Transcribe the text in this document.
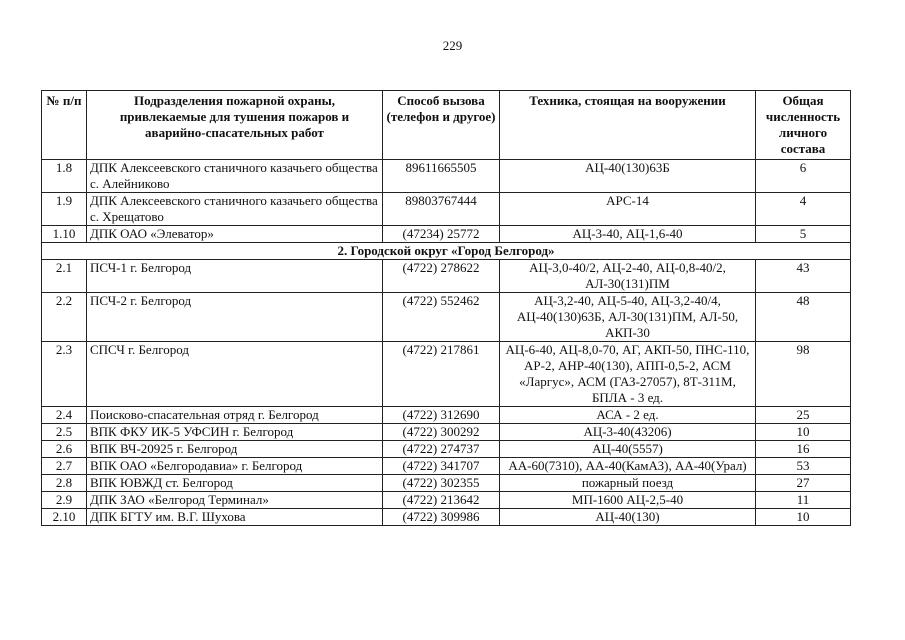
229
№ п/п	Подразделения пожарной охраны, привлекаемые для тушения пожаров и аварийно-спасательных работ	Способ вызова (телефон и другое)	Техника, стоящая на вооружении	Общая численность личного состава
1.8	ДПК Алексеевского станичного казачьего общества с. Алейниково	89611665505	АЦ-40(130)63Б	6
1.9	ДПК Алексеевского станичного казачьего общества с. Хрещатово	89803767444	АРС-14	4
1.10	ДПК ОАО «Элеватор»	(47234) 25772	АЦ-3-40, АЦ-1,6-40	5
2. Городской округ «Город Белгород»				
2.1	ПСЧ-1 г. Белгород	(4722) 278622	АЦ-3,0-40/2, АЦ-2-40, АЦ-0,8-40/2, АЛ-30(131)ПМ	43
2.2	ПСЧ-2 г. Белгород	(4722) 552462	АЦ-3,2-40, АЦ-5-40, АЦ-3,2-40/4, АЦ-40(130)63Б, АЛ-30(131)ПМ, АЛ-50, АКП-30	48
2.3	СПСЧ г. Белгород	(4722) 217861	АЦ-6-40, АЦ-8,0-70, АГ, АКП-50, ПНС-110, АР-2, АНР-40(130), АПП-0,5-2, АСМ «Ларгус», АСМ (ГАЗ-27057), 8Т-311М, БПЛА - 3 ед.	98
2.4	Поисково-спасательная отряд г. Белгород	(4722) 312690	АСА - 2 ед.	25
2.5	ВПК ФКУ ИК-5 УФСИН г. Белгород	(4722) 300292	АЦ-3-40(43206)	10
2.6	ВПК ВЧ-20925 г. Белгород	(4722) 274737	АЦ-40(5557)	16
2.7	ВПК ОАО «Белгородавиа» г. Белгород	(4722) 341707	АА-60(7310), АА-40(КамАЗ), АА-40(Урал)	53
2.8	ВПК ЮВЖД ст. Белгород	(4722) 302355	пожарный поезд	27
2.9	ДПК ЗАО «Белгород Терминал»	(4722) 213642	МП-1600 АЦ-2,5-40	11
2.10	ДПК БГТУ им. В.Г. Шухова	(4722) 309986	АЦ-40(130)	10
